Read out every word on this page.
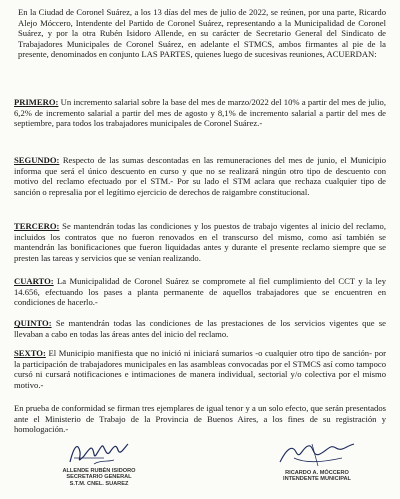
En la Ciudad de Coronel Suárez, a los 13 días del mes de julio de 2022, se reúnen, por una parte, Ricardo Alejo Móccero, Intendente del Partido de Coronel Suárez, representando a la Municipalidad de Coronel Suárez, y por la otra Rubén Isidoro Allende, en su carácter de Secretario General del Sindicato de Trabajadores Municipales de Coronel Suárez, en adelante el STMCS, ambos firmantes al pie de la presente, denominados en conjunto LAS PARTES, quienes luego de sucesivas reuniones, ACUERDAN:

PRIMERO: Un incremento salarial sobre la base del mes de marzo/2022 del 10% a partir del mes de julio, 6,2% de incremento salarial a partir del mes de agosto y 8,1% de incremento salarial a partir del mes de septiembre, para todos los trabajadores municipales de Coronel Suárez.-

SEGUNDO: Respecto de las sumas descontadas en las remuneraciones del mes de junio, el Municipio informa que será el único descuento en curso y que no se realizará ningún otro tipo de descuento con motivo del reclamo efectuado por el STM.- Por su lado el STM aclara que rechaza cualquier tipo de sanción o represalia por el legítimo ejercicio de derechos de raigambre constitucional.

TERCERO: Se mantendrán todas las condiciones y los puestos de trabajo vigentes al inicio del reclamo, incluidos los contratos que no fueron renovados en el transcurso del mismo, como así también se mantendrán las bonificaciones que fueron liquidadas antes y durante el presente reclamo siempre que se presten las tareas y servicios que se venían realizando.

CUARTO: La Municipalidad de Coronel Suárez se compromete al fiel cumplimiento del CCT y la ley 14.656, efectuando los pases a planta permanente de aquellos trabajadores que se encuentren en condiciones de hacerlo.-

QUINTO: Se mantendrán todas las condiciones de las prestaciones de los servicios vigentes que se llevaban a cabo en todas las áreas antes del inicio del reclamo.

SEXTO: El Municipio manifiesta que no inició ni iniciará sumarios -o cualquier otro tipo de sanción- por la participación de trabajadores municipales en las asambleas convocadas por el STMCS así como tampoco cursó ni cursará notificaciones e intimaciones de manera individual, sectorial y/o colectiva por el mismo motivo.-

En prueba de conformidad se firman tres ejemplares de igual tenor y a un solo efecto, que serán presentados ante el Ministerio de Trabajo de la Provincia de Buenos Aires, a los fines de su registración y homologación.-

ALLENDE RUBÉN ISIDORO
SECRETARIO GENERAL
S.T.M. CNEL. SUAREZ
RICARDO A. MÓCCERO
INTENDENTE MUNICIPAL
